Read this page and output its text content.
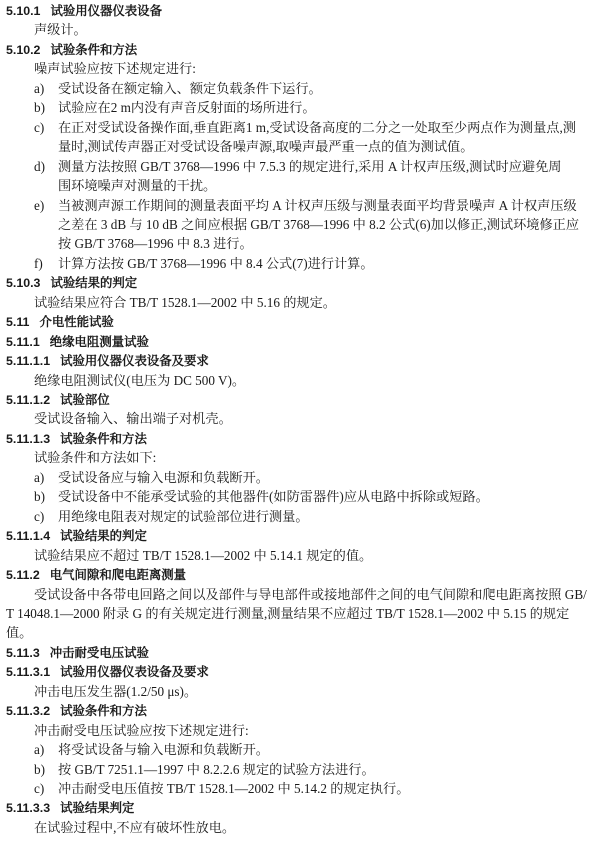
5.10.1 试验用仪器仪表设备
声级计。
5.10.2 试验条件和方法
噪声试验应按下述规定进行:
a) 受试设备在额定输入、额定负载条件下运行。
b) 试验应在2 m内没有声音反射面的场所进行。
c) 在正对受试设备操作面,垂直距离1 m,受试设备高度的二分之一处取至少两点作为测量点,测
量时,测试传声器正对受试设备噪声源,取噪声最严重一点的值为测试值。
d) 测量方法按照 GB/T 3768—1996 中 7.5.3 的规定进行,采用 A 计权声压级,测试时应避免周
围环境噪声对测量的干扰。
e) 当被测声源工作期间的测量表面平均 A 计权声压级与测量表面平均背景噪声 A 计权声压级
之差在 3 dB 与 10 dB 之间应根据 GB/T 3768—1996 中 8.2 公式(6)加以修正,测试环境修正应
按 GB/T 3768—1996 中 8.3 进行。
f) 计算方法按 GB/T 3768—1996 中 8.4 公式(7)进行计算。
5.10.3 试验结果的判定
试验结果应符合 TB/T 1528.1—2002 中 5.16 的规定。
5.11 介电性能试验
5.11.1 绝缘电阻测量试验
5.11.1.1 试验用仪器仪表设备及要求
绝缘电阻测试仪(电压为 DC 500 V)。
5.11.1.2 试验部位
受试设备输入、输出端子对机壳。
5.11.1.3 试验条件和方法
试验条件和方法如下:
a) 受试设备应与输入电源和负载断开。
b) 受试设备中不能承受试验的其他器件(如防雷器件)应从电路中拆除或短路。
c) 用绝缘电阻表对规定的试验部位进行测量。
5.11.1.4 试验结果的判定
试验结果应不超过 TB/T 1528.1—2002 中 5.14.1 规定的值。
5.11.2 电气间隙和爬电距离测量
受试设备中各带电回路之间以及部件与导电部件或接地部件之间的电气间隙和爬电距离按照 GB/
T 14048.1—2000 附录 G 的有关规定进行测量,测量结果不应超过 TB/T 1528.1—2002 中 5.15 的规定
值。
5.11.3 冲击耐受电压试验
5.11.3.1 试验用仪器仪表设备及要求
冲击电压发生器(1.2/50 μs)。
5.11.3.2 试验条件和方法
冲击耐受电压试验应按下述规定进行:
a) 将受试设备与输入电源和负载断开。
b) 按 GB/T 7251.1—1997 中 8.2.2.6 规定的试验方法进行。
c) 冲击耐受电压值按 TB/T 1528.1—2002 中 5.14.2 的规定执行。
5.11.3.3 试验结果判定
在试验过程中,不应有破坏性放电。
